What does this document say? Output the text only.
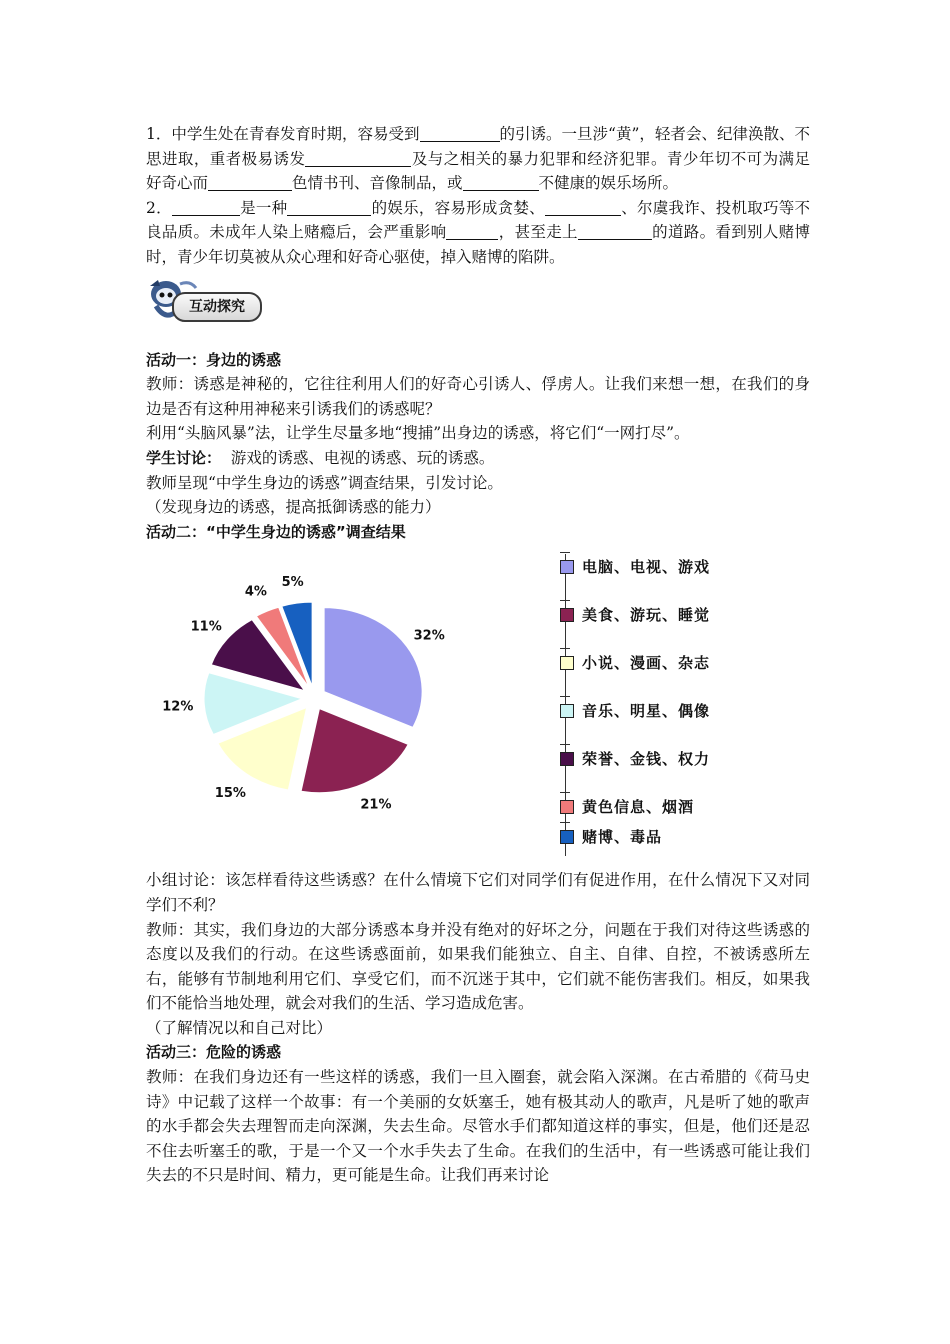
1．中学生处在青春发育时期，容易受到	的引诱。一旦涉“黄”，轻者会、纪律涣散、不思进取，重者极易诱发	及与之相关的暴力犯罪和经济犯罪。青少年切不可为满足好奇心而	色情书刊、音像制品，或	不健康的娱乐场所。

2．	是一种	的娱乐，容易形成贪婪、	、尔虞我诈、投机取巧等不良品质。未成年人染上赌瘾后，会严重影响	，甚至走上	的道路。看到别人赌博时，青少年切莫被从众心理和好奇心驱使，掉入赌博的陷阱。

互动探究

活动一：身边的诱惑

教师：诱惑是神秘的，它往往利用人们的好奇心引诱人、俘虏人。让我们来想一想，在我们的身边是否有这种用神秘来引诱我们的诱惑呢？

利用“头脑风暴”法，让学生尽量多地“搜捕”出身边的诱惑，将它们“一网打尽”。

学生讨论： 游戏的诱惑、电视的诱惑、玩的诱惑。

教师呈现“中学生身边的诱惑”调查结果，引发讨论。

（发现身边的诱惑，提高抵御诱惑的能力）

活动二：“中学生身边的诱惑”调查结果

32%
21%
15%
12%
11%
4%
5%
电脑、电视、游戏
美食、游玩、睡觉
小说、漫画、杂志
音乐、明星、偶像
荣誉、金钱、权力
黄色信息、烟酒
赌博、毒品

小组讨论：该怎样看待这些诱惑？在什么情境下它们对同学们有促进作用，在什么情况下又对同学们不利？

教师：其实，我们身边的大部分诱惑本身并没有绝对的好坏之分，问题在于我们对待这些诱惑的态度以及我们的行动。在这些诱惑面前，如果我们能独立、自主、自律、自控，不被诱惑所左右，能够有节制地利用它们、享受它们，而不沉迷于其中，它们就不能伤害我们。相反，如果我们不能恰当地处理，就会对我们的生活、学习造成危害。

（了解情况以和自己对比）

活动三：危险的诱惑

教师：在我们身边还有一些这样的诱惑，我们一旦入圈套，就会陷入深渊。在古希腊的《荷马史诗》中记载了这样一个故事：有一个美丽的女妖塞壬，她有极其动人的歌声，凡是听了她的歌声的水手都会失去理智而走向深渊，失去生命。尽管水手们都知道这样的事实，但是，他们还是忍不住去听塞壬的歌，于是一个又一个水手失去了生命。在我们的生活中，有一些诱惑可能让我们失去的不只是时间、精力，更可能是生命。让我们再来讨论
